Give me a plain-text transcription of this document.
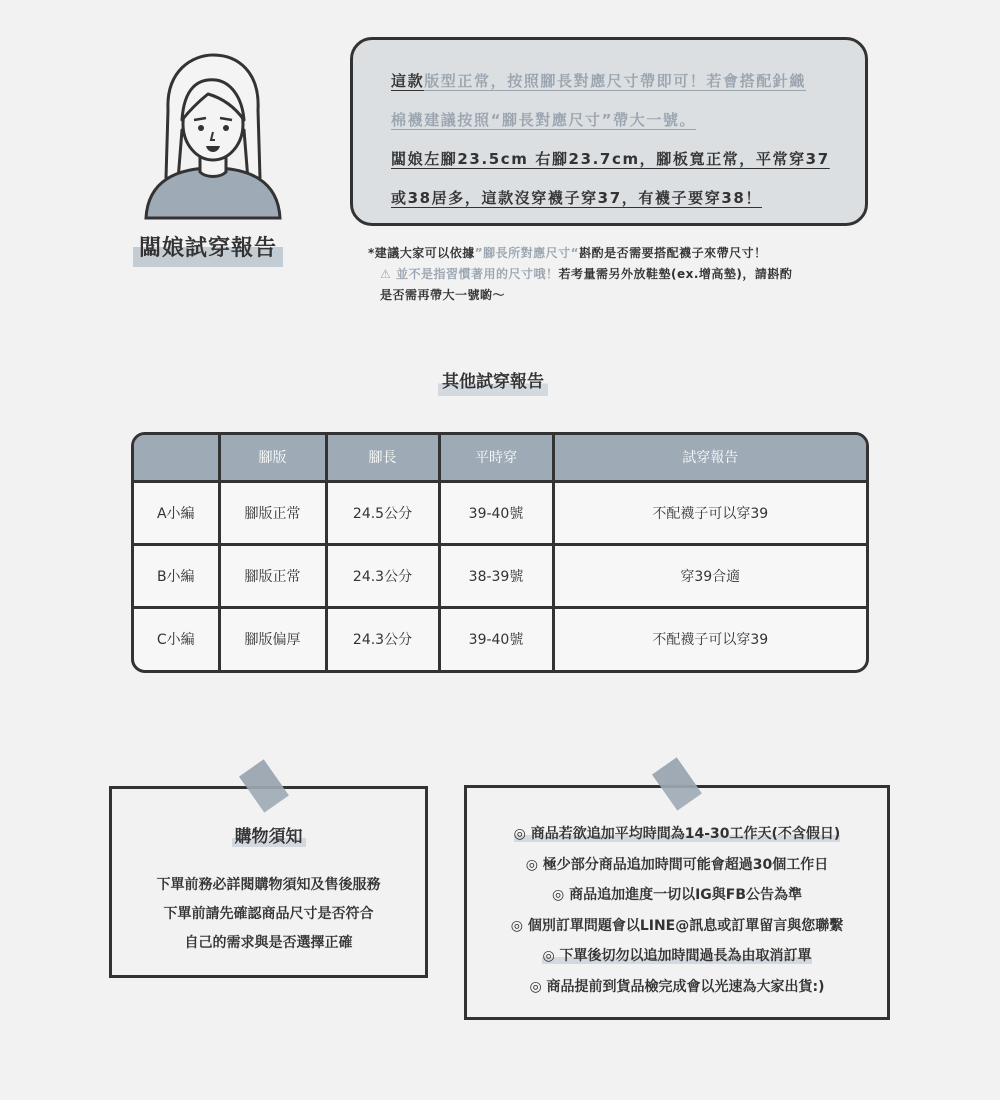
闆娘試穿報告
這款版型正常，按照腳長對應尺寸帶即可！若會搭配針織
棉襪建議按照“腳長對應尺寸”帶大一號。
闆娘左腳23.5cm 右腳23.7cm，腳板寬正常，平常穿37
或38居多，這款沒穿襪子穿37，有襪子要穿38！
*建議大家可以依據”腳長所對應尺寸“斟酌是否需要搭配襪子來帶尺寸！
⚠ 並不是指習慣著用的尺寸哦！若考量需另外放鞋墊(ex.增高墊)，請斟酌
是否需再帶大一號喲～
其他試穿報告
	腳版	腳長	平時穿	試穿報告
A小編	腳版正常	24.5公分	39-40號	不配襪子可以穿39
B小編	腳版正常	24.3公分	38-39號	穿39合適
C小編	腳版偏厚	24.3公分	39-40號	不配襪子可以穿39
購物須知
下單前務必詳閱購物須知及售後服務
下單前請先確認商品尺寸是否符合
自己的需求與是否選擇正確
◎ 商品若欲追加平均時間為14-30工作天(不含假日)
◎ 極少部分商品追加時間可能會超過30個工作日
◎ 商品追加進度一切以IG與FB公告為準
◎ 個別訂單問題會以LINE@訊息或訂單留言與您聯繫
◎ 下單後切勿以追加時間過長為由取消訂單
◎ 商品提前到貨品檢完成會以光速為大家出貨:)
